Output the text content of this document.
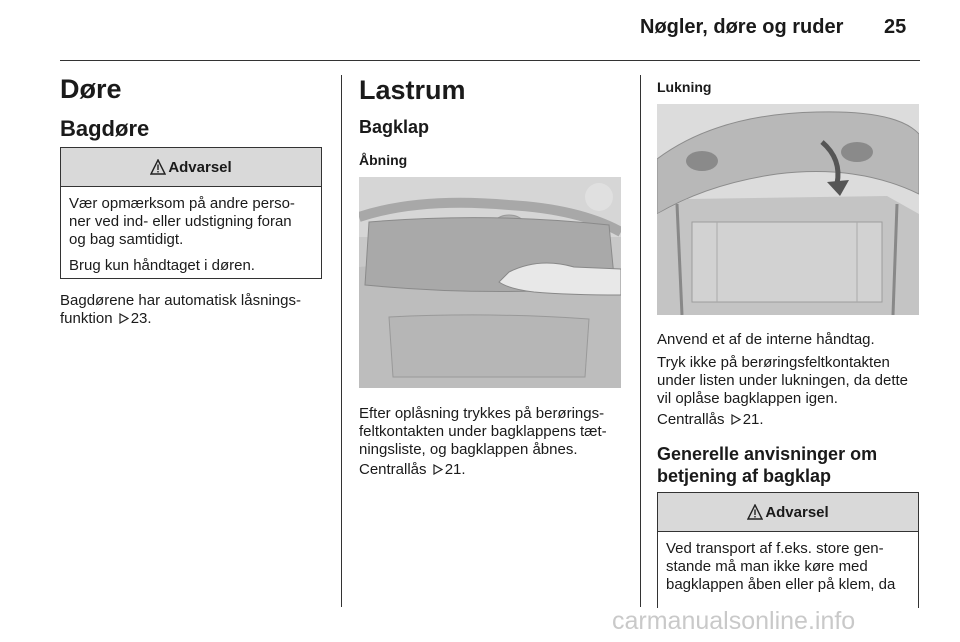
Nøgler, døre og ruder 25
Døre
Bagdøre
Advarsel

Vær opmærksom på andre perso-
ner ved ind- eller udstigning foran
og bag samtidigt.

Brug kun håndtaget i døren.

Bagdørene har automatisk låsnings-
funktion 23.

Lastrum
Bagklap
Åbning

Efter oplåsning trykkes på berørings-
feltkontakten under bagklappens tæt-
ningsliste, og bagklappen åbnes.

Centrallås 21.

Lukning

Anvend et af de interne håndtag.

Tryk ikke på berøringsfeltkontakten
under listen under lukningen, da dette
vil oplåse bagklappen igen.

Centrallås 21.

Generelle anvisninger om
betjening af bagklap
Advarsel

Ved transport af f.eks. store gen-
stande må man ikke køre med
bagklappen åben eller på klem, da

carmanualsonline.info
